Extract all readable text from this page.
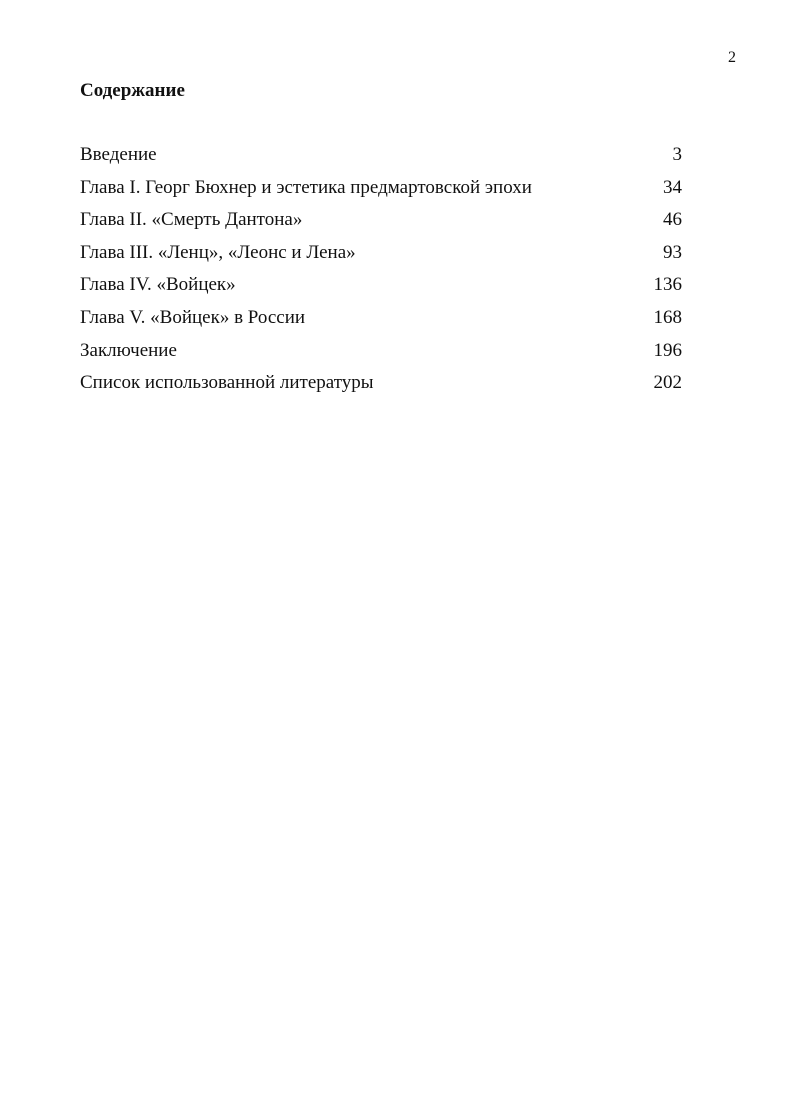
2
Содержание
Введение	3
Глава I. Георг Бюхнер и эстетика предмартовской эпохи	34
Глава II. «Смерть Дантона»	46
Глава III. «Ленц», «Леонс и Лена»	93
Глава IV. «Войцек»	136
Глава V. «Войцек» в России	168
Заключение	196
Список использованной литературы	202
